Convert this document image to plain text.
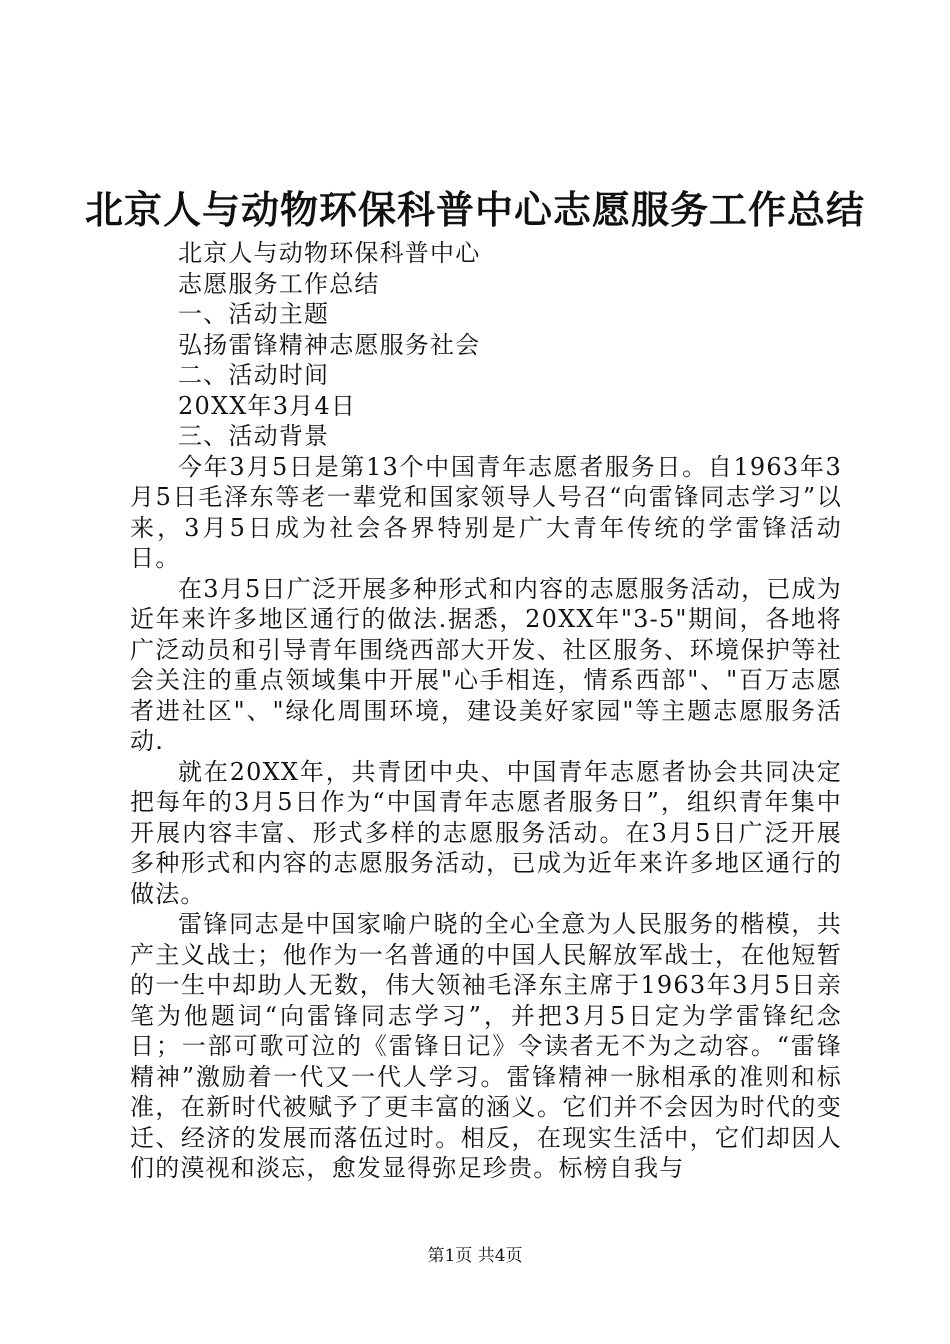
北京人与动物环保科普中心志愿服务工作总结

北京人与动物环保科普中心

志愿服务工作总结

一、活动主题

弘扬雷锋精神志愿服务社会

二、活动时间

20XX年3月4日

三、活动背景

今年3月5日是第13个中国青年志愿者服务日。自1963年3月5日毛泽东等老一辈党和国家领导人号召“向雷锋同志学习”以来，3月5日成为社会各界特别是广大青年传统的学雷锋活动日。

在3月5日广泛开展多种形式和内容的志愿服务活动，已成为近年来许多地区通行的做法.据悉，20XX年"3-5"期间，各地将广泛动员和引导青年围绕西部大开发、社区服务、环境保护等社会关注的重点领域集中开展"心手相连，情系西部"、"百万志愿者进社区"、"绿化周围环境，建设美好家园"等主题志愿服务活动.

就在20XX年，共青团中央、中国青年志愿者协会共同决定把每年的3月5日作为“中国青年志愿者服务日”，组织青年集中开展内容丰富、形式多样的志愿服务活动。在3月5日广泛开展多种形式和内容的志愿服务活动，已成为近年来许多地区通行的做法。

雷锋同志是中国家喻户晓的全心全意为人民服务的楷模，共产主义战士；他作为一名普通的中国人民解放军战士，在他短暂的一生中却助人无数，伟大领袖毛泽东主席于1963年3月5日亲笔为他题词“向雷锋同志学习”，并把3月5日定为学雷锋纪念日；一部可歌可泣的《雷锋日记》令读者无不为之动容。“雷锋精神”激励着一代又一代人学习。雷锋精神一脉相承的准则和标准，在新时代被赋予了更丰富的涵义。它们并不会因为时代的变迁、经济的发展而落伍过时。相反，在现实生活中，它们却因人们的漠视和淡忘，愈发显得弥足珍贵。标榜自我与

第1页 共4页
